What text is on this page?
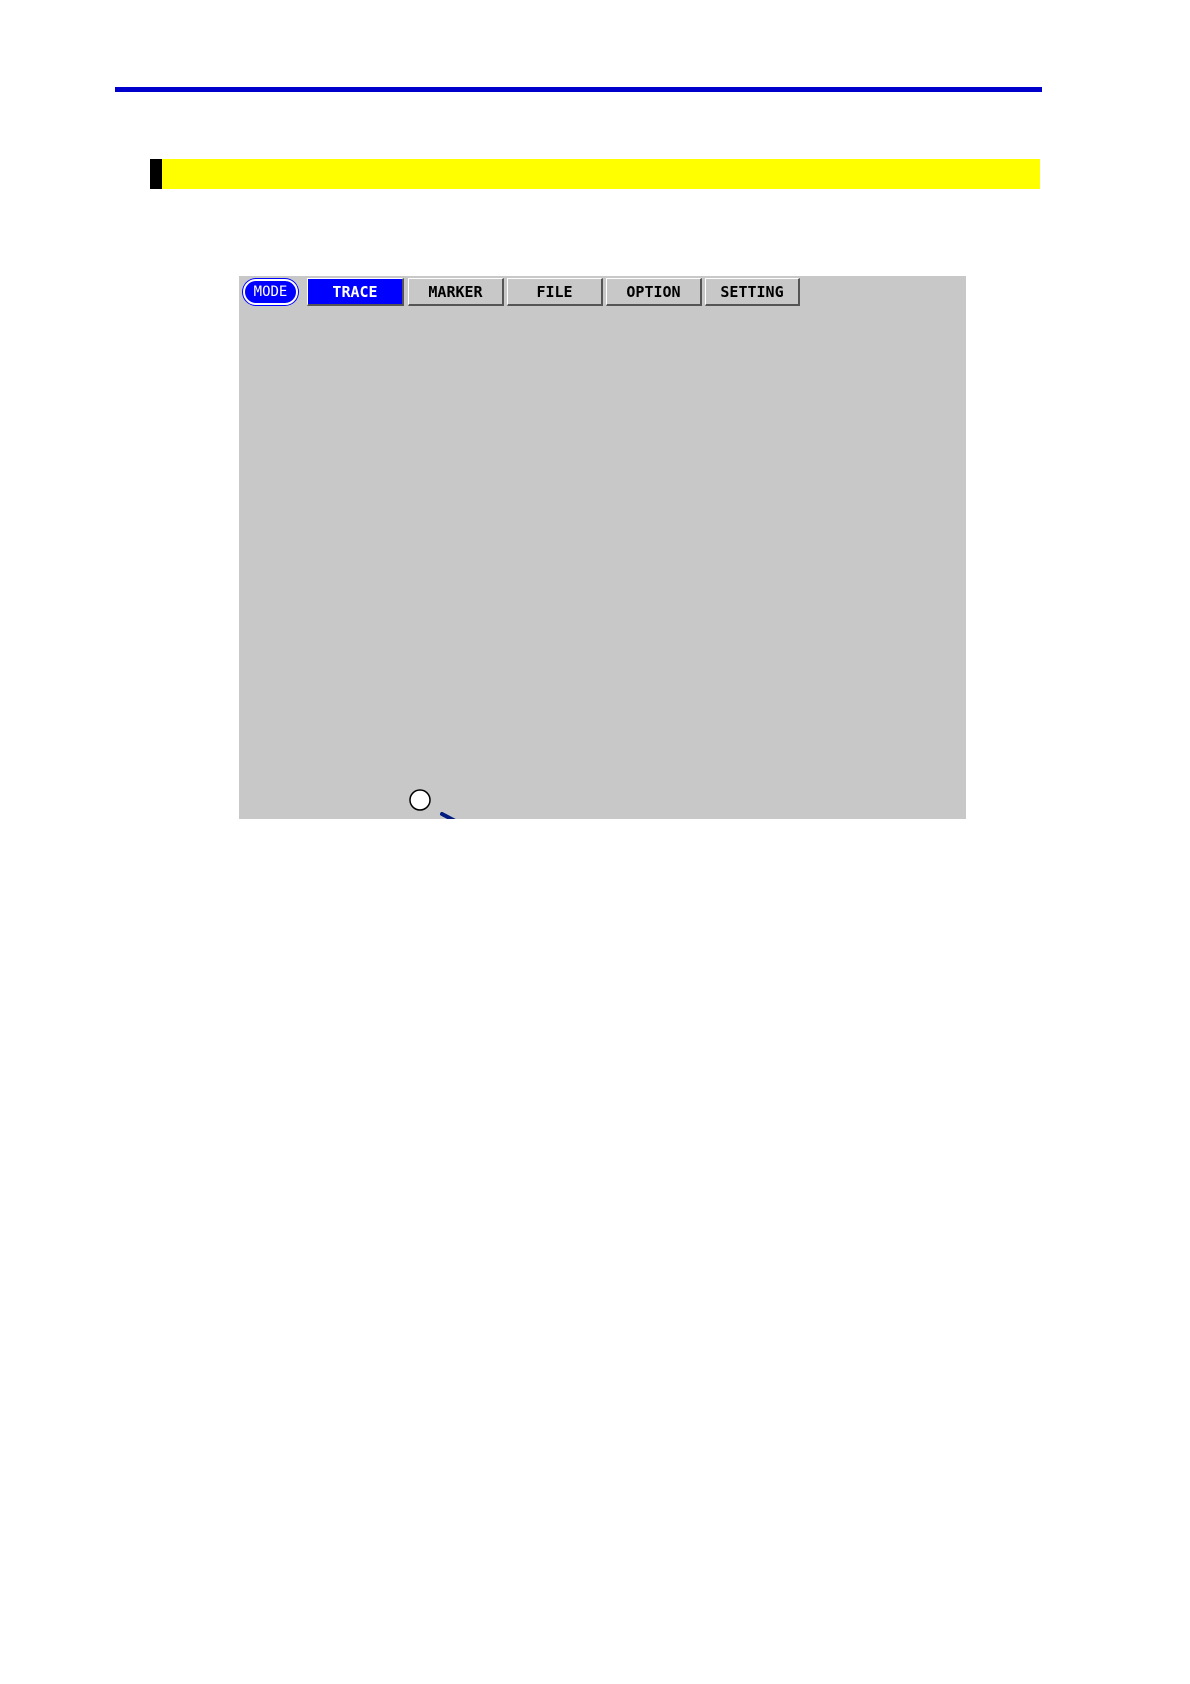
MODE	TRACE	MARKER	FILE	OPTION	SETTING
